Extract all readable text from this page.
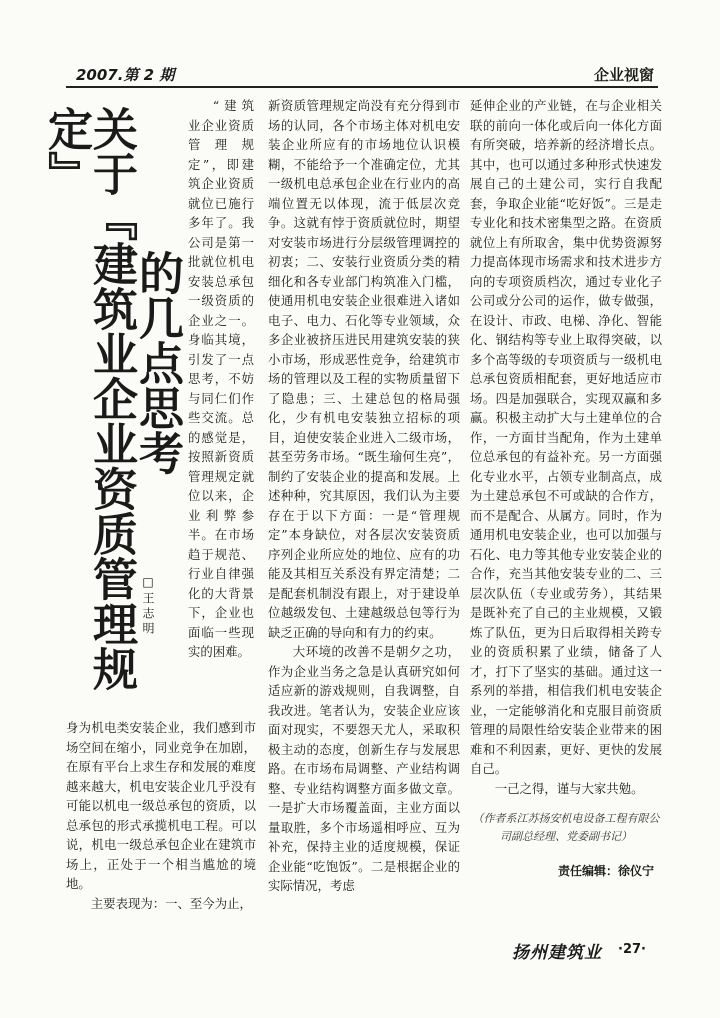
2007.第 2 期	企业视窗
关于『建筑业企业资质管理规定』
的几点思考
□王志明

“建筑业企业资质管理规定”，即建筑企业资质就位已施行多年了。我公司是第一批就位机电安装总承包一级资质的企业之一。身临其境，引发了一点思考，不妨与同仁们作些交流。总的感觉是，按照新资质管理规定就位以来，企业利弊参半。在市场趋于规范、行业自律强化的大背景下，企业也面临一些现实的困难。

身为机电类安装企业，我们感到市场空间在缩小，同业竞争在加剧，在原有平台上求生存和发展的难度越来越大，机电安装企业几乎没有可能以机电一级总承包的资质，以总承包的形式承揽机电工程。可以说，机电一级总承包企业在建筑市场上，正处于一个相当尴尬的境地。

主要表现为：一、至今为止，

新资质管理规定尚没有充分得到市场的认同，各个市场主体对机电安装企业所应有的市场地位认识模糊，不能给予一个准确定位，尤其一级机电总承包企业在行业内的高端位置无以体现，流于低层次竞争。这就有悖于资质就位时，期望对安装市场进行分层级管理调控的初衷；二、安装行业资质分类的精细化和各专业部门构筑准入门槛，使通用机电安装企业很难进入诸如电子、电力、石化等专业领域，众多企业被挤压进民用建筑安装的狭小市场，形成恶性竞争，给建筑市场的管理以及工程的实物质量留下了隐患；三、土建总包的格局强化，少有机电安装独立招标的项目，迫使安装企业进入二级市场，甚至劳务市场。“既生瑜何生亮”，制约了安装企业的提高和发展。上述种种，究其原因，我们认为主要存在于以下方面：一是“管理规定”本身缺位，对各层次安装资质序列企业所应处的地位、应有的功能及其相互关系没有界定清楚；二是配套机制没有跟上，对于建设单位越级发包、土建越级总包等行为缺乏正确的导向和有力的约束。

大环境的改善不是朝夕之功，作为企业当务之急是认真研究如何适应新的游戏规则，自我调整，自我改进。笔者认为，安装企业应该面对现实，不要怨天尤人，采取积极主动的态度，创新生存与发展思路。在市场布局调整、产业结构调整、专业结构调整方面多做文章。一是扩大市场覆盖面，主业方面以量取胜，多个市场遥相呼应、互为补充，保持主业的适度规模，保证企业能“吃饱饭”。二是根据企业的实际情况，考虑

延伸企业的产业链，在与企业相关联的前向一体化或后向一体化方面有所突破，培养新的经济增长点。其中，也可以通过多种形式快速发展自己的土建公司，实行自我配套，争取企业能“吃好饭”。三是走专业化和技术密集型之路。在资质就位上有所取舍，集中优势资源努力提高体现市场需求和技术进步方向的专项资质档次，通过专业化子公司或分公司的运作，做专做强，在设计、市政、电梯、净化、智能化、钢结构等专业上取得突破，以多个高等级的专项资质与一级机电总承包资质相配套，更好地适应市场。四是加强联合，实现双赢和多赢。积极主动扩大与土建单位的合作，一方面甘当配角，作为土建单位总承包的有益补充。另一方面强化专业水平，占领专业制高点，成为土建总承包不可或缺的合作方，而不是配合、从属方。同时，作为通用机电安装企业，也可以加强与石化、电力等其他专业安装企业的合作，充当其他安装专业的二、三层次队伍（专业或劳务），其结果是既补充了自己的主业规模，又锻炼了队伍，更为日后取得相关跨专业的资质积累了业绩，储备了人才，打下了坚实的基础。通过这一系列的举措，相信我们机电安装企业，一定能够消化和克服目前资质管理的局限性给安装企业带来的困难和不利因素，更好、更快的发展自己。

一己之得，谨与大家共勉。

（作者系江苏扬安机电设备工程有限公司副总经理、党委副书记）
责任编辑：徐仪宁
扬州建筑业 ·27·
